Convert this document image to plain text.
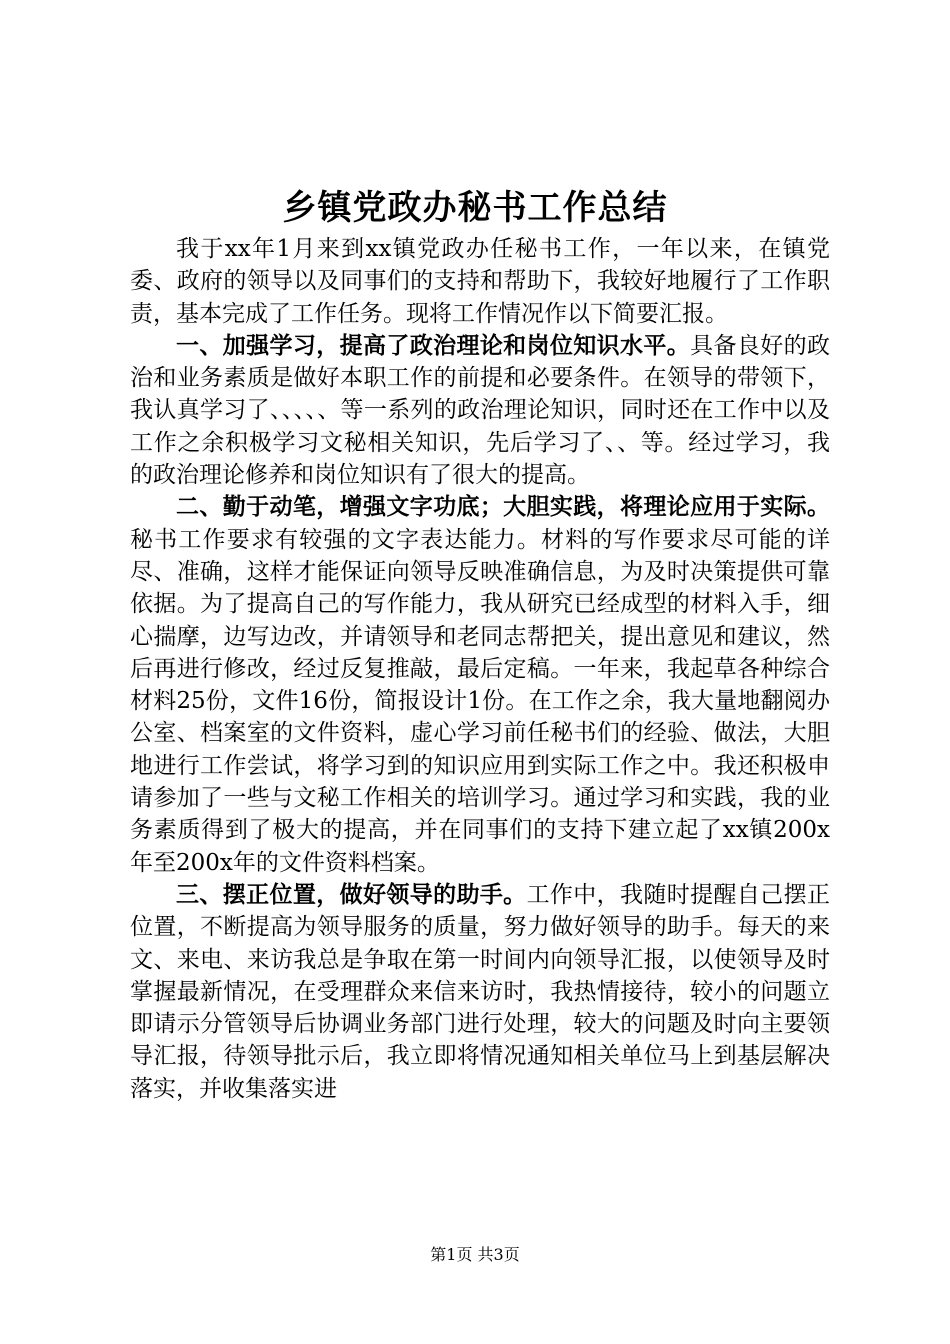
乡镇党政办秘书工作总结

我于xx年1月来到xx镇党政办任秘书工作，一年以来，在镇党委、政府的领导以及同事们的支持和帮助下，我较好地履行了工作职责，基本完成了工作任务。现将工作情况作以下简要汇报。

一、加强学习，提高了政治理论和岗位知识水平。具备良好的政治和业务素质是做好本职工作的前提和必要条件。在领导的带领下，我认真学习了、、、、、等一系列的政治理论知识，同时还在工作中以及工作之余积极学习文秘相关知识，先后学习了、、等。经过学习，我的政治理论修养和岗位知识有了很大的提高。

二、勤于动笔，增强文字功底；大胆实践，将理论应用于实际。秘书工作要求有较强的文字表达能力。材料的写作要求尽可能的详尽、准确，这样才能保证向领导反映准确信息，为及时决策提供可靠依据。为了提高自己的写作能力，我从研究已经成型的材料入手，细心揣摩，边写边改，并请领导和老同志帮把关，提出意见和建议，然后再进行修改，经过反复推敲，最后定稿。一年来，我起草各种综合材料25份，文件16份，简报设计1份。在工作之余，我大量地翻阅办公室、档案室的文件资料，虚心学习前任秘书们的经验、做法，大胆地进行工作尝试，将学习到的知识应用到实际工作之中。我还积极申请参加了一些与文秘工作相关的培训学习。通过学习和实践，我的业务素质得到了极大的提高，并在同事们的支持下建立起了xx镇200x年至200x年的文件资料档案。

三、摆正位置，做好领导的助手。工作中，我随时提醒自己摆正位置，不断提高为领导服务的质量，努力做好领导的助手。每天的来文、来电、来访我总是争取在第一时间内向领导汇报，以使领导及时掌握最新情况，在受理群众来信来访时，我热情接待，较小的问题立即请示分管领导后协调业务部门进行处理，较大的问题及时向主要领导汇报，待领导批示后，我立即将情况通知相关单位马上到基层解决落实，并收集落实进

第1页 共3页
